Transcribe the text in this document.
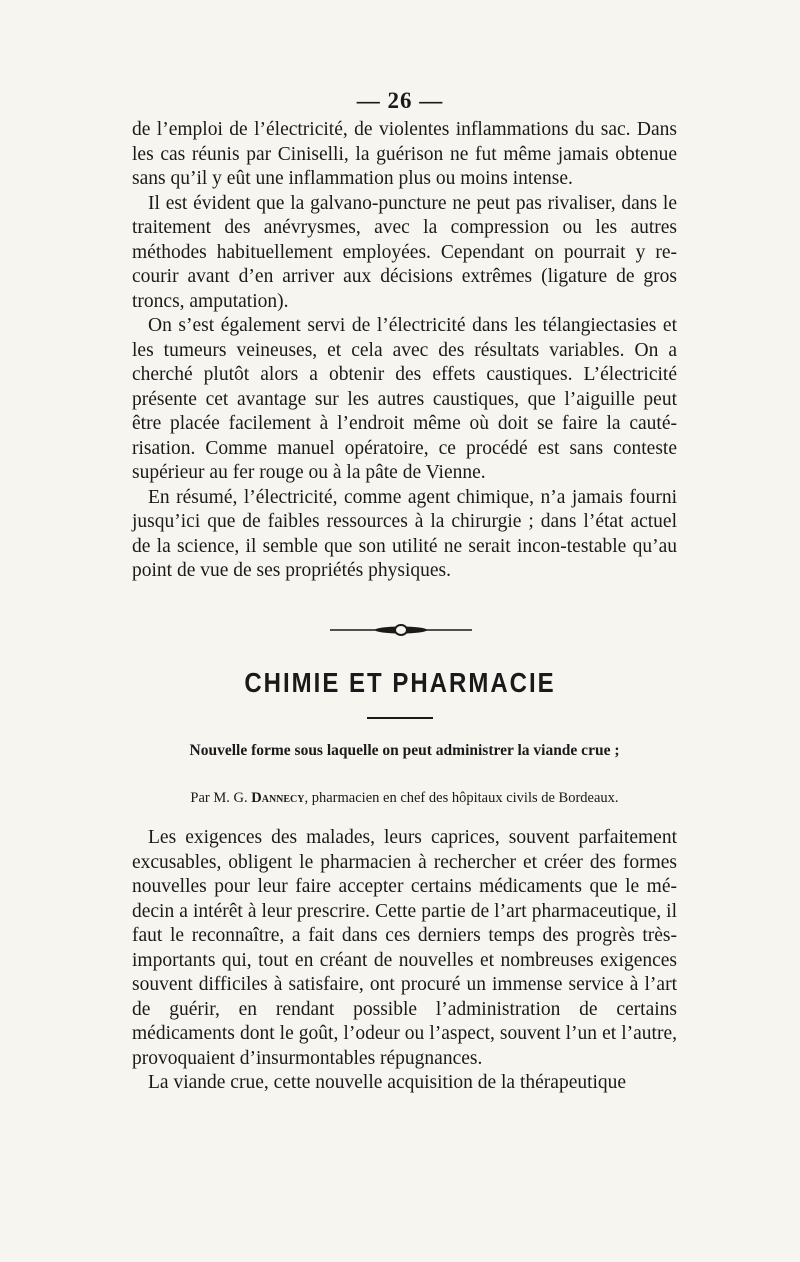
— 26 —

de l’emploi de l’électricité, de violentes inflammations du sac. Dans les cas réunis par Ciniselli, la guérison ne fut même jamais obtenue sans qu’il y eût une inflammation plus ou moins intense.

Il est évident que la galvano-puncture ne peut pas rivaliser, dans le traitement des anévrysmes, avec la compression ou les autres méthodes habituellement employées. Cependant on pourrait y re-courir avant d’en arriver aux décisions extrêmes (ligature de gros troncs, amputation).

On s’est également servi de l’électricité dans les télangiectasies et les tumeurs veineuses, et cela avec des résultats variables. On a cherché plutôt alors a obtenir des effets caustiques. L’électricité présente cet avantage sur les autres caustiques, que l’aiguille peut être placée facilement à l’endroit même où doit se faire la cauté-risation. Comme manuel opératoire, ce procédé est sans conteste supérieur au fer rouge ou à la pâte de Vienne.

En résumé, l’électricité, comme agent chimique, n’a jamais fourni jusqu’ici que de faibles ressources à la chirurgie ; dans l’état actuel de la science, il semble que son utilité ne serait incon-testable qu’au point de vue de ses propriétés physiques.

CHIMIE ET PHARMACIE
Nouvelle forme sous laquelle on peut administrer la viande crue ;
Par M. G. Dannecy, pharmacien en chef des hôpitaux civils de Bordeaux.

Les exigences des malades, leurs caprices, souvent parfaitement excusables, obligent le pharmacien à rechercher et créer des formes nouvelles pour leur faire accepter certains médicaments que le mé-decin a intérêt à leur prescrire. Cette partie de l’art pharmaceutique, il faut le reconnaître, a fait dans ces derniers temps des progrès très-importants qui, tout en créant de nouvelles et nombreuses exigences souvent difficiles à satisfaire, ont procuré un immense service à l’art de guérir, en rendant possible l’administration de certains médicaments dont le goût, l’odeur ou l’aspect, souvent l’un et l’autre, provoquaient d’insurmontables répugnances.

La viande crue, cette nouvelle acquisition de la thérapeutique
